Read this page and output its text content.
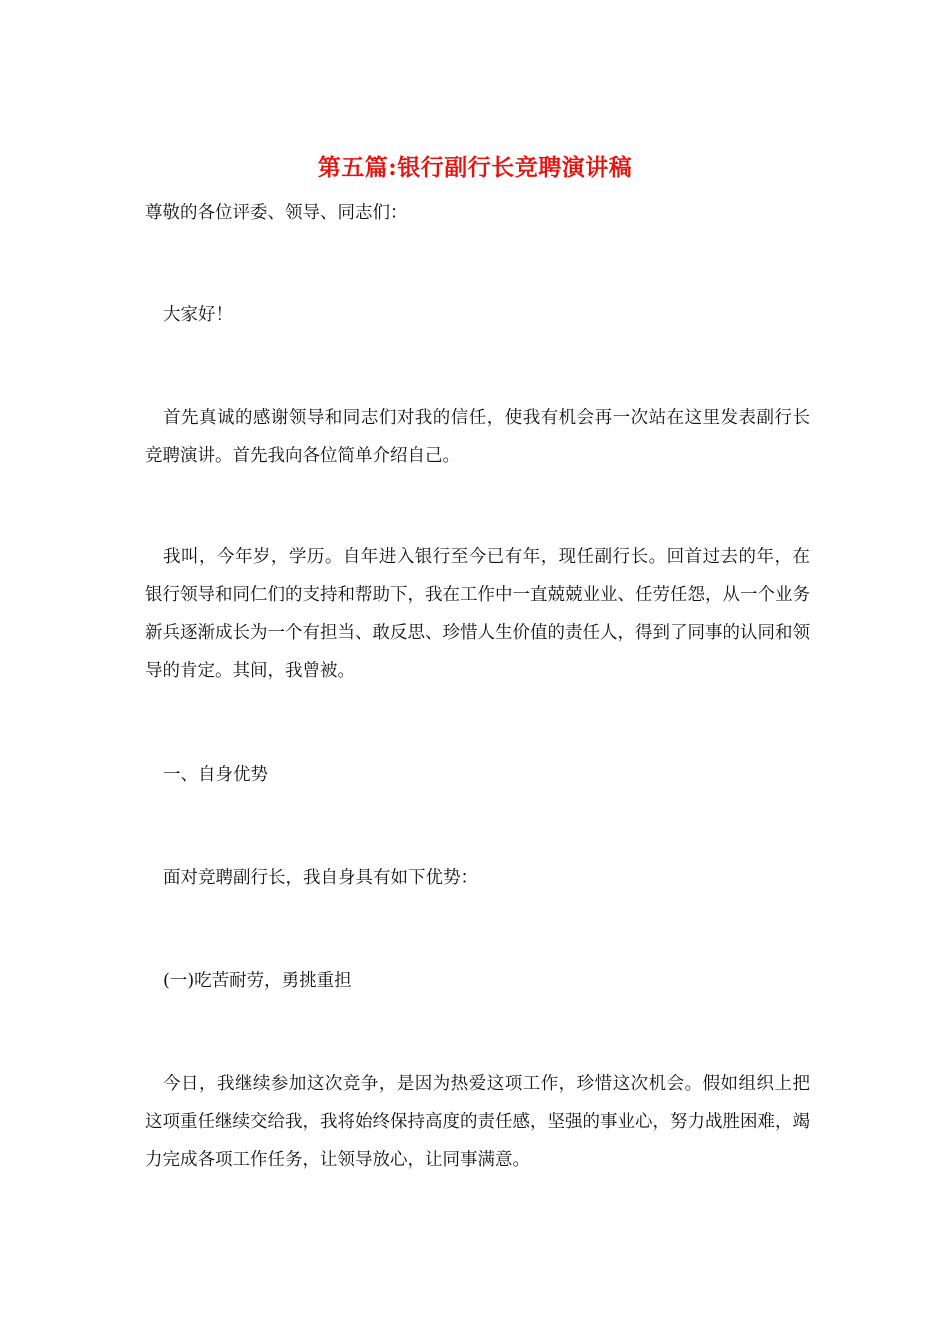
第五篇:银行副行长竞聘演讲稿

尊敬的各位评委、领导、同志们：

大家好！

首先真诚的感谢领导和同志们对我的信任，使我有机会再一次站在这里发表副行长竞聘演讲。首先我向各位简单介绍自己。

我叫，今年岁，学历。自年进入银行至今已有年，现任副行长。回首过去的年，在银行领导和同仁们的支持和帮助下，我在工作中一直兢兢业业、任劳任怨，从一个业务新兵逐渐成长为一个有担当、敢反思、珍惜人生价值的责任人，得到了同事的认同和领导的肯定。其间，我曾被。

一、自身优势

面对竞聘副行长，我自身具有如下优势：

(一)吃苦耐劳，勇挑重担

今日，我继续参加这次竞争，是因为热爱这项工作，珍惜这次机会。假如组织上把这项重任继续交给我，我将始终保持高度的责任感，坚强的事业心，努力战胜困难，竭力完成各项工作任务，让领导放心，让同事满意。
